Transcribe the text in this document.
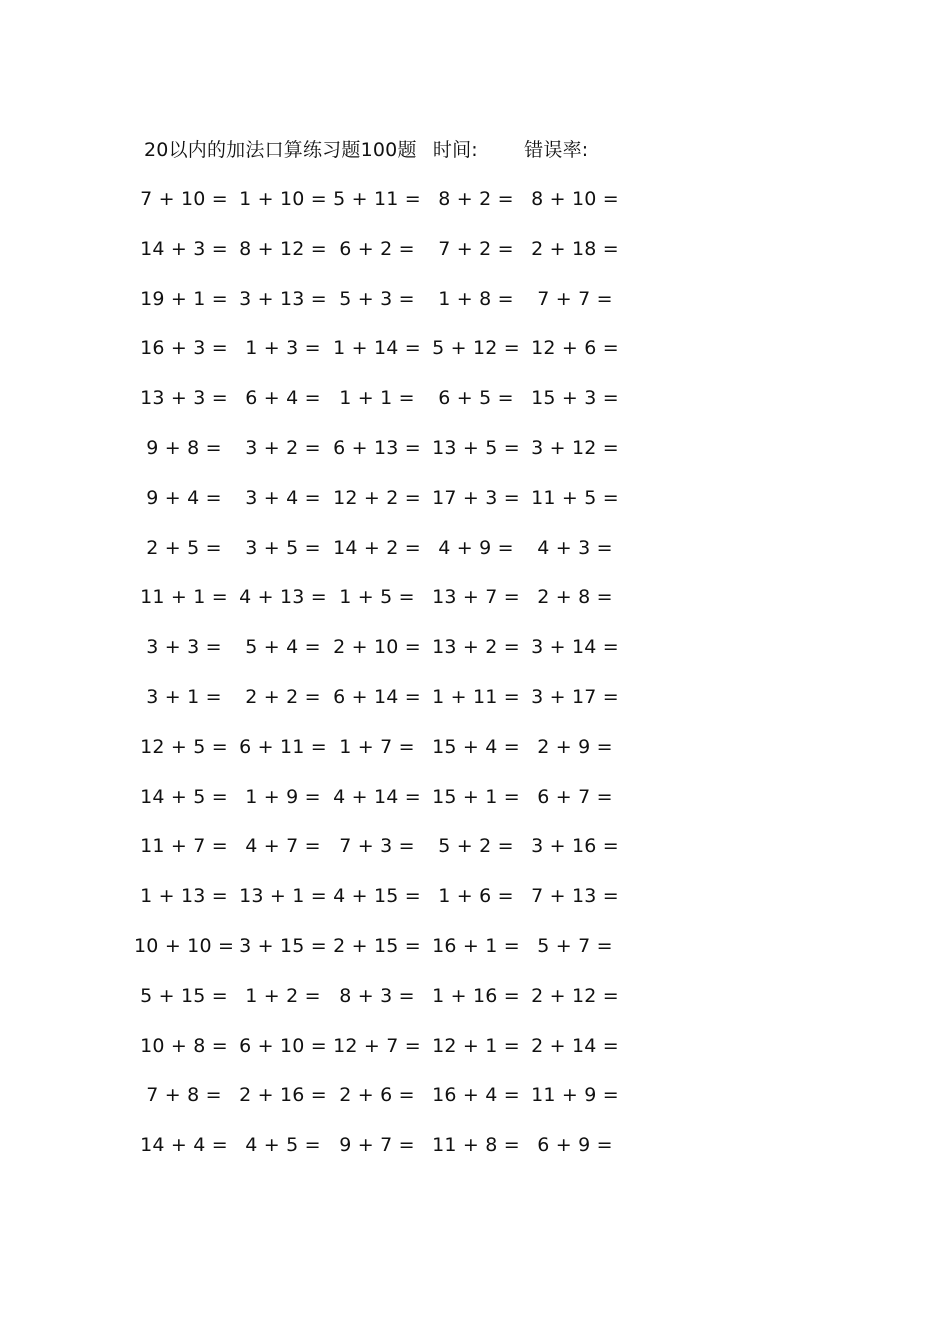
20以内的加法口算练习题100题 时间: 错误率:
7 + 10 = 1 + 10 = 5 + 11 = 8 + 2 = 8 + 10 =
14 + 3 = 8 + 12 = 6 + 2 =	7 + 2 = 2 + 18 =
19 + 1 = 3 + 13 = 5 + 3 =	1 + 8 =	7 + 7 =
16 + 3 = 1 + 3 = 1 + 14 = 5 + 12 = 12 + 6 =
13 + 3 = 6 + 4 = 1 + 1 =	6 + 5 = 15 + 3 =
9 + 8 =	3 + 2 = 6 + 13 = 13 + 5 = 3 + 12 =
9 + 4 =	3 + 4 = 12 + 2 = 17 + 3 = 11 + 5 =
2 + 5 =	3 + 5 = 14 + 2 = 4 + 9 =	4 + 3 =
11 + 1 = 4 + 13 = 1 + 5 = 13 + 7 = 2 + 8 =
3 + 3 =	5 + 4 = 2 + 10 = 13 + 2 = 3 + 14 =
3 + 1 =	2 + 2 = 6 + 14 = 1 + 11 = 3 + 17 =
12 + 5 = 6 + 11 = 1 + 7 = 15 + 4 = 2 + 9 =
14 + 5 = 1 + 9 = 4 + 14 = 15 + 1 = 6 + 7 =
11 + 7 = 4 + 7 = 7 + 3 =	5 + 2 = 3 + 16 =
1 + 13 = 13 + 1 = 4 + 15 = 1 + 6 = 7 + 13 =
10 + 10 = 3 + 15 = 2 + 15 = 16 + 1 = 5 + 7 =
5 + 15 = 1 + 2 = 8 + 3 = 1 + 16 = 2 + 12 =
10 + 8 = 6 + 10 = 12 + 7 = 12 + 1 = 2 + 14 =
7 + 8 = 2 + 16 = 2 + 6 = 16 + 4 = 11 + 9 =
14 + 4 = 4 + 5 = 9 + 7 = 11 + 8 = 6 + 9 =
